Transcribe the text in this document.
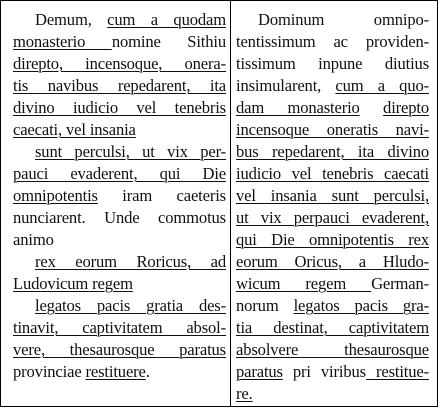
Demum, cum a quodam
monasterio nomine Sithiu
direpto, incensoque, onera-
tis navibus repedarent, ita
divino iudicio vel tenebris
caecati, vel insania
sunt perculsi, ut vix per-
pauci evaderent, qui Die
omnipotentis iram caeteris
nunciarent. Unde commotus
animo
rex eorum Roricus, ad
Ludovicum regem
legatos pacis gratia des-
tinavit, captivitatem absol-
vere, thesaurosque paratus
provinciae restituere.
Dominum omnipo-
tentissimum ac providen-
tissimum inpune diutius
insimularent, cum a quo-
dam monasterio direpto
incensoque oneratis navi-
bus repedarent, ita divino
iudicio vel tenebris caecati
vel insania sunt perculsi,
ut vix perpauci evaderent,
qui Die omnipotentis rex
eorum Oricus, a Hludo-
wicum regem German-
norum legatos pacis gra-
tia destinat, captivitatem
absolvere thesaurosque
paratus pri viribus restitue-
re.
